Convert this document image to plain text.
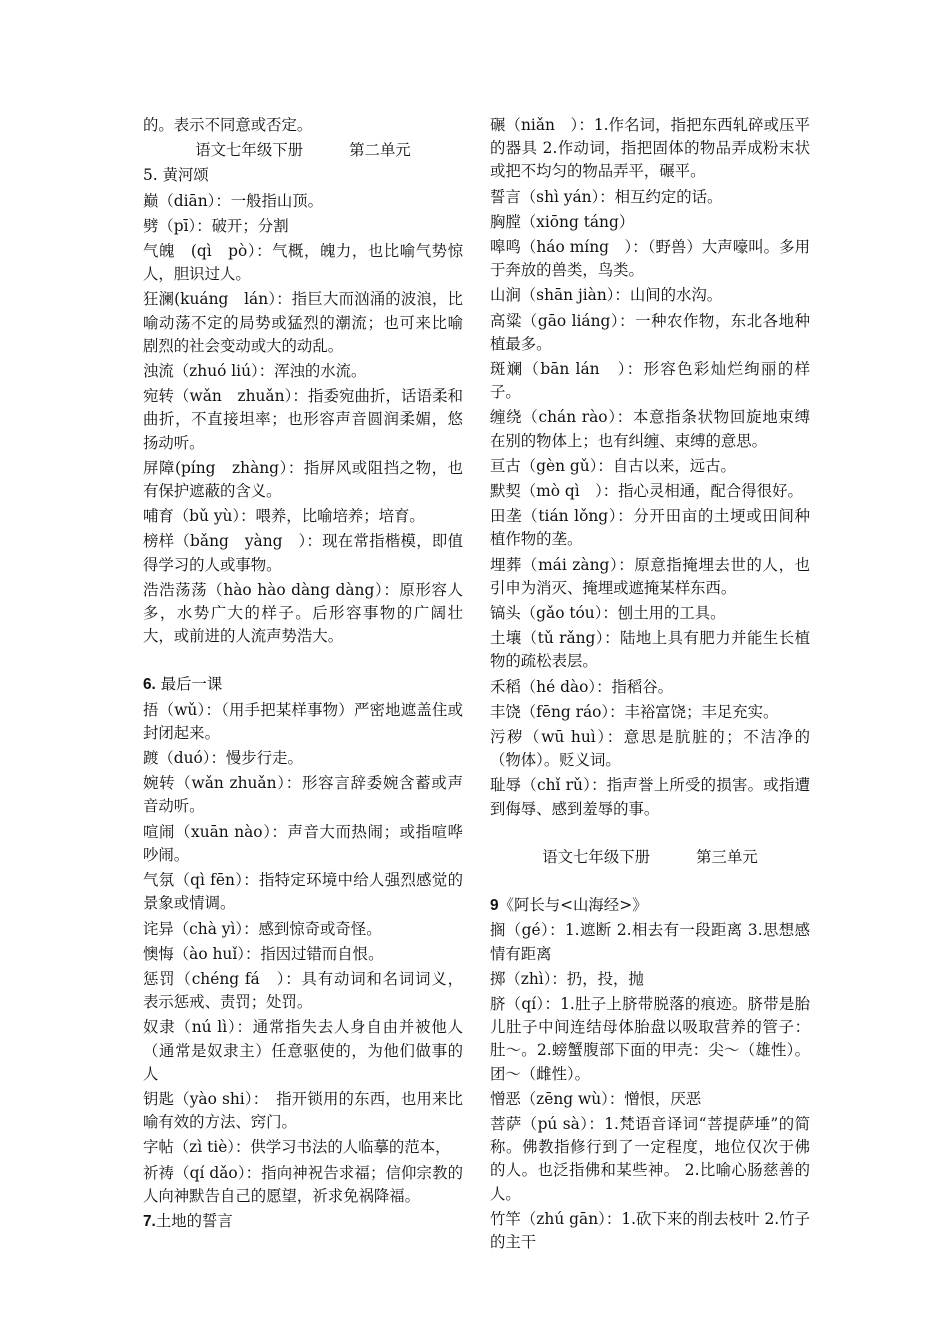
的。表示不同意或否定。

语文七年级下册　　　第二单元

5. 黄河颂

巅（diān）：一般指山顶。

劈（pī）：破开；分割

气魄　(qì　pò）：气概，魄力，也比喻气势惊人，胆识过人。

狂澜(kuáng　lán）：指巨大而汹涌的波浪，比喻动荡不定的局势或猛烈的潮流；也可来比喻剧烈的社会变动或大的动乱。

浊流（zhuó liú）：浑浊的水流。

宛转（wǎn　zhuǎn）：指委宛曲折，话语柔和曲折，不直接坦率；也形容声音圆润柔媚，悠扬动听。

屏障(píng　zhàng）：指屏风或阻挡之物，也有保护遮蔽的含义。

哺育（bǔ yù）：喂养，比喻培养；培育。

榜样（bǎng　yàng　）：现在常指楷模，即值得学习的人或事物。

浩浩荡荡（hào hào dàng dàng）：原形容人多，水势广大的样子。后形容事物的广阔壮大，或前进的人流声势浩大。

6. 最后一课

捂（wǔ）：（用手把某样事物）严密地遮盖住或封闭起来。

踱（duó）：慢步行走。

婉转（wǎn zhuǎn）：形容言辞委婉含蓄或声音动听。

喧闹（xuān nào）：声音大而热闹；或指喧哗吵闹。

气氛（qì fēn）：指特定环境中给人强烈感觉的景象或情调。

诧异（chà yì）：感到惊奇或奇怪。

懊悔（ào huǐ）：指因过错而自恨。

惩罚（chéng fá　）：具有动词和名词词义，表示惩戒、责罚；处罚。

奴隶（nú lì）：通常指失去人身自由并被他人（通常是奴隶主）任意驱使的，为他们做事的人

钥匙（yào shi）：　指开锁用的东西，也用来比喻有效的方法、窍门。

字帖（zì tiè）：供学习书法的人临摹的范本，

祈祷（qí dǎo）：指向神祝告求福；信仰宗教的人向神默告自己的愿望，祈求免祸降福。

7.土地的誓言

碾（niǎn　）：1.作名词，指把东西轧碎或压平的器具 2.作动词，指把固体的物品弄成粉末状或把不均匀的物品弄平，碾平。

誓言（shì yán）：相互约定的话。

胸膛（xiōng táng）

嗥鸣（háo míng　）：（野兽）大声嚎叫。多用于奔放的兽类，鸟类。

山涧（shān jiàn）：山间的水沟。

高粱（gāo liáng）：一种农作物，东北各地种植最多。

斑斓（bān lán　）：形容色彩灿烂绚丽的样子。

缠绕（chán rào）：本意指条状物回旋地束缚在别的物体上；也有纠缠、束缚的意思。

亘古（gèn gǔ）：自古以来，远古。

默契（mò qì　）：指心灵相通，配合得很好。

田垄（tián lǒng）：分开田亩的土埂或田间种植作物的垄。

埋葬（mái zàng）：原意指掩埋去世的人，也引申为消灭、掩埋或遮掩某样东西。

镐头（gǎo tóu）：刨土用的工具。

土壤（tǔ rǎng）：陆地上具有肥力并能生长植物的疏松表层。

禾稻（hé dào）：指稻谷。

丰饶（fēng ráo）：丰裕富饶；丰足充实。

污秽（wū huì）：意思是肮脏的；不洁净的（物体）。贬义词。

耻辱（chǐ rǔ）：指声誉上所受的损害。或指遭到侮辱、感到羞辱的事。

语文七年级下册　　　第三单元

9《阿长与<山海经>》

搁（gé）：1.遮断 2.相去有一段距离 3.思想感情有距离

掷（zhì）：扔，投，抛

脐（qí）：1.肚子上脐带脱落的痕迹。脐带是胎儿肚子中间连结母体胎盘以吸取营养的管子：肚～。2.螃蟹腹部下面的甲壳：尖～（雄性）。团～（雌性）。

憎恶（zēng wù）：憎恨，厌恶

菩萨（pú sà）：1.梵语音译词“菩提萨埵”的简称。佛教指修行到了一定程度，地位仅次于佛的人。也泛指佛和某些神。 2.比喻心肠慈善的人。

竹竿（zhú gān）：1.砍下来的削去枝叶 2.竹子的主干
